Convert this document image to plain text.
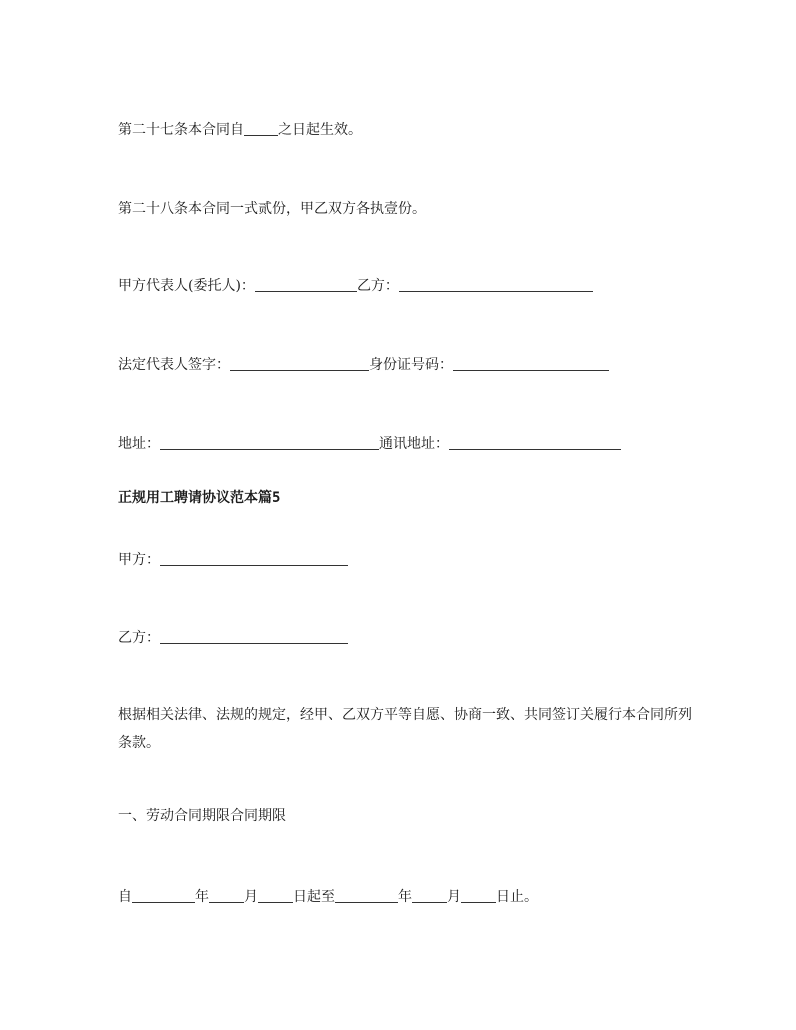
第二十七条本合同自 之日起生效。
第二十八条本合同一式贰份，甲乙双方各执壹份。
甲方代表人(委托人)：	乙方：
法定代表人签字：	身份证号码：
地址：	通讯地址：
正规用工聘请协议范本篇5
甲方：
乙方：
根据相关法律、法规的规定，经甲、乙双方平等自愿、协商一致、共同签订关履行本合同所列条款。
一、劳动合同期限合同期限
自	年	月	日起至	年	月	日止。
